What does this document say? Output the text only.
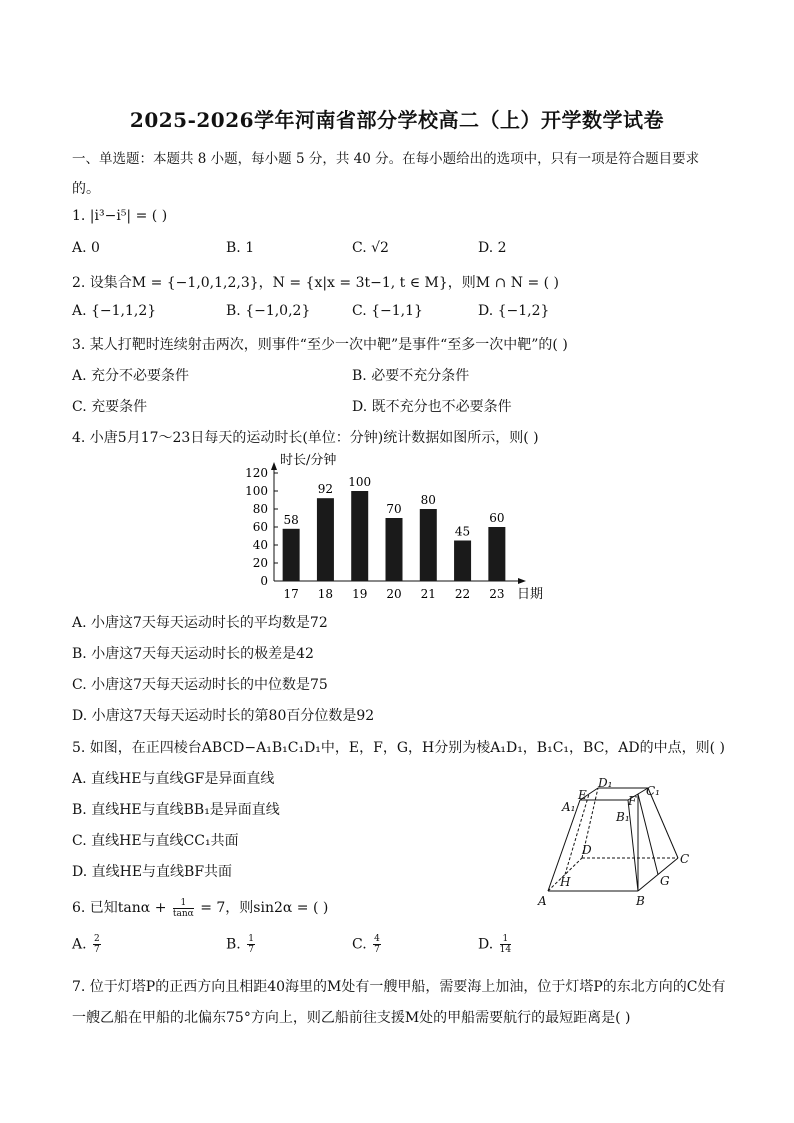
2025-2026学年河南省部分学校高二（上）开学数学试卷
一、单选题：本题共 8 小题，每小题 5 分，共 40 分。在每小题给出的选项中，只有一项是符合题目要求
的。
1. |i³−i⁵| = ( )
A. 0	B. 1	C. √2	D. 2
2. 设集合M = {−1,0,1,2,3}，N = {x|x = 3t−1, t ∈ M}，则M ∩ N = ( )
A. {−1,1,2}	B. {−1,0,2}	C. {−1,1}	D. {−1,2}
3. 某人打靶时连续射击两次，则事件“至少一次中靶”是事件“至多一次中靶”的( )
A. 充分不必要条件	B. 必要不充分条件
C. 充要条件	D. 既不充分也不必要条件
4. 小唐5月17～23日每天的运动时长(单位：分钟)统计数据如图所示，则( )
时长/分钟
日期
0
20
40
60
80
100
120
58
92
100
70
80
45
60
17 18 19 20 21 22 23
A. 小唐这7天每天运动时长的平均数是72
B. 小唐这7天每天运动时长的极差是42
C. 小唐这7天每天运动时长的中位数是75
D. 小唐这7天每天运动时长的第80百分位数是92
5. 如图，在正四棱台ABCD−A₁B₁C₁D₁中，E，F，G，H分别为棱A₁D₁，B₁C₁，BC，AD的中点，则( )
A. 直线HE与直线GF是异面直线
B. 直线HE与直线BB₁是异面直线
C. 直线HE与直线CC₁共面
D. 直线HE与直线BF共面
A	B
C
D
A₁
B₁
C₁
D₁
E	F
G
H
6. 已知$\tan\alpha + \frac{1}{\tan\alpha} = 7$，则sin2α = ( )
A. $\frac{2}{7}$	B. $\frac{1}{7}$	C. $\frac{4}{7}$	D. $\frac{1}{14}$
7. 位于灯塔P的正西方向且相距40海里的M处有一艘甲船，需要海上加油，位于灯塔P的东北方向的C处有
一艘乙船在甲船的北偏东75°方向上，则乙船前往支援M处的甲船需要航行的最短距离是( )
